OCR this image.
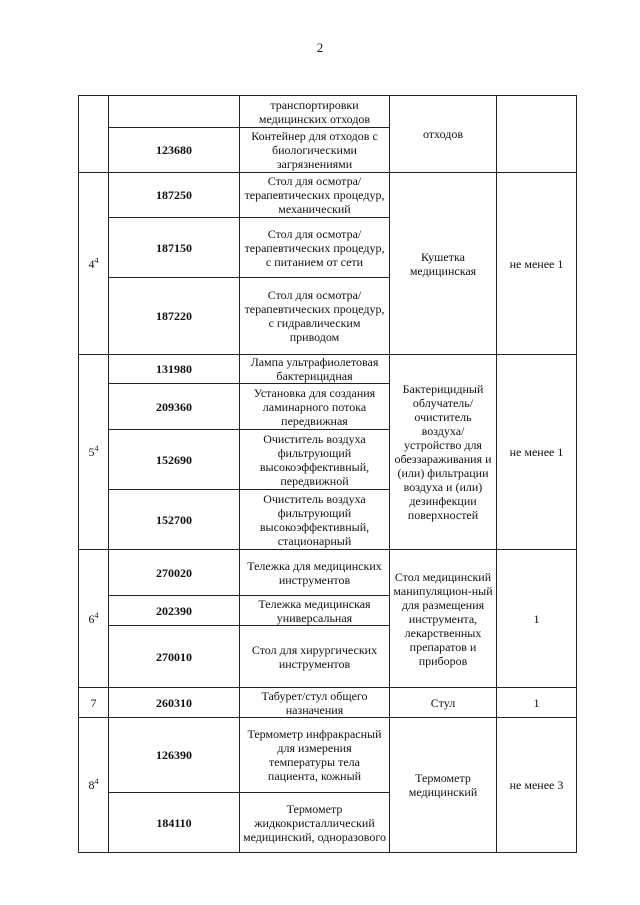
2
		транспортировки медицинских отходов	отходов	
	123680	Контейнер для отходов с биологическими загрязнениями		
$4^4$	187250	Стол для осмотра/терапевтических процедур, механический	Кушетка медицинская	не менее 1
	187150	Стол для осмотра/терапевтических процедур, с питанием от сети		
	187220	Стол для осмотра/терапевтических процедур, с гидравлическим приводом		
$5^4$	131980	Лампа ультрафиолетовая бактерицидная	Бактерицидный облучатель/ очиститель воздуха/ устройство для обеззараживания и (или) фильтрации воздуха и (или) дезинфекции поверхностей	не менее 1
	209360	Установка для создания ламинарного потока передвижная		
	152690	Очиститель воздуха фильтрующий высокоэффективный, передвижной		
	152700	Очиститель воздуха фильтрующий высокоэффективный, стационарный		
$6^4$	270020	Тележка для медицинских инструментов	Стол медицинский манипуляцион-ный для размещения инструмента, лекарственных препаратов и приборов	1
	202390	Тележка медицинская универсальная		
	270010	Стол для хирургических инструментов		
7	260310	Табурет/стул общего назначения	Стул	1
$8^4$	126390	Термометр инфракрасный для измерения температуры тела пациента, кожный	Термометр медицинский	не менее 3
	184110	Термометр жидкокристаллический медицинский, одноразового		
